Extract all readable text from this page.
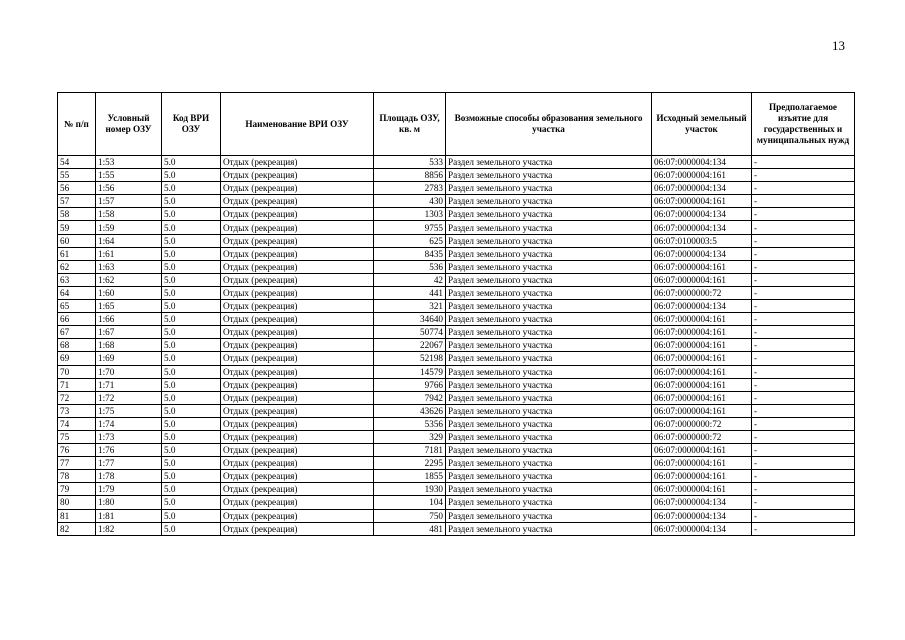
13
№ п/п	Условный номер ОЗУ	Код ВРИ ОЗУ	Наименование ВРИ ОЗУ	Площадь ОЗУ, кв. м	Возможные способы образования земельного участка	Исходный земельный участок	Предполагаемое изъятие для государственных и муниципальных нужд
54	1:53	5.0	Отдых (рекреация)	533	Раздел земельного участка	06:07:0000004:134	-
55	1:55	5.0	Отдых (рекреация)	8856	Раздел земельного участка	06:07:0000004:161	-
56	1:56	5.0	Отдых (рекреация)	2783	Раздел земельного участка	06:07:0000004:134	-
57	1:57	5.0	Отдых (рекреация)	430	Раздел земельного участка	06:07:0000004:161	-
58	1:58	5.0	Отдых (рекреация)	1303	Раздел земельного участка	06:07:0000004:134	-
59	1:59	5.0	Отдых (рекреация)	9755	Раздел земельного участка	06:07:0000004:134	-
60	1:64	5.0	Отдых (рекреация)	625	Раздел земельного участка	06:07:0100003:5	-
61	1:61	5.0	Отдых (рекреация)	8435	Раздел земельного участка	06:07:0000004:134	-
62	1:63	5.0	Отдых (рекреация)	536	Раздел земельного участка	06:07:0000004:161	-
63	1:62	5.0	Отдых (рекреация)	42	Раздел земельного участка	06:07:0000004:161	-
64	1:60	5.0	Отдых (рекреация)	441	Раздел земельного участка	06:07:0000000:72	-
65	1:65	5.0	Отдых (рекреация)	321	Раздел земельного участка	06:07:0000004:134	-
66	1:66	5.0	Отдых (рекреация)	34640	Раздел земельного участка	06:07:0000004:161	-
67	1:67	5.0	Отдых (рекреация)	50774	Раздел земельного участка	06:07:0000004:161	-
68	1:68	5.0	Отдых (рекреация)	22067	Раздел земельного участка	06:07:0000004:161	-
69	1:69	5.0	Отдых (рекреация)	52198	Раздел земельного участка	06:07:0000004:161	-
70	1:70	5.0	Отдых (рекреация)	14579	Раздел земельного участка	06:07:0000004:161	-
71	1:71	5.0	Отдых (рекреация)	9766	Раздел земельного участка	06:07:0000004:161	-
72	1:72	5.0	Отдых (рекреация)	7942	Раздел земельного участка	06:07:0000004:161	-
73	1:75	5.0	Отдых (рекреация)	43626	Раздел земельного участка	06:07:0000004:161	-
74	1:74	5.0	Отдых (рекреация)	5356	Раздел земельного участка	06:07:0000000:72	-
75	1:73	5.0	Отдых (рекреация)	329	Раздел земельного участка	06:07:0000000:72	-
76	1:76	5.0	Отдых (рекреация)	7181	Раздел земельного участка	06:07:0000004:161	-
77	1:77	5.0	Отдых (рекреация)	2295	Раздел земельного участка	06:07:0000004:161	-
78	1:78	5.0	Отдых (рекреация)	1855	Раздел земельного участка	06:07:0000004:161	-
79	1:79	5.0	Отдых (рекреация)	1930	Раздел земельного участка	06:07:0000004:161	-
80	1:80	5.0	Отдых (рекреация)	104	Раздел земельного участка	06:07:0000004:134	-
81	1:81	5.0	Отдых (рекреация)	750	Раздел земельного участка	06:07:0000004:134	-
82	1:82	5.0	Отдых (рекреация)	481	Раздел земельного участка	06:07:0000004:134	-
